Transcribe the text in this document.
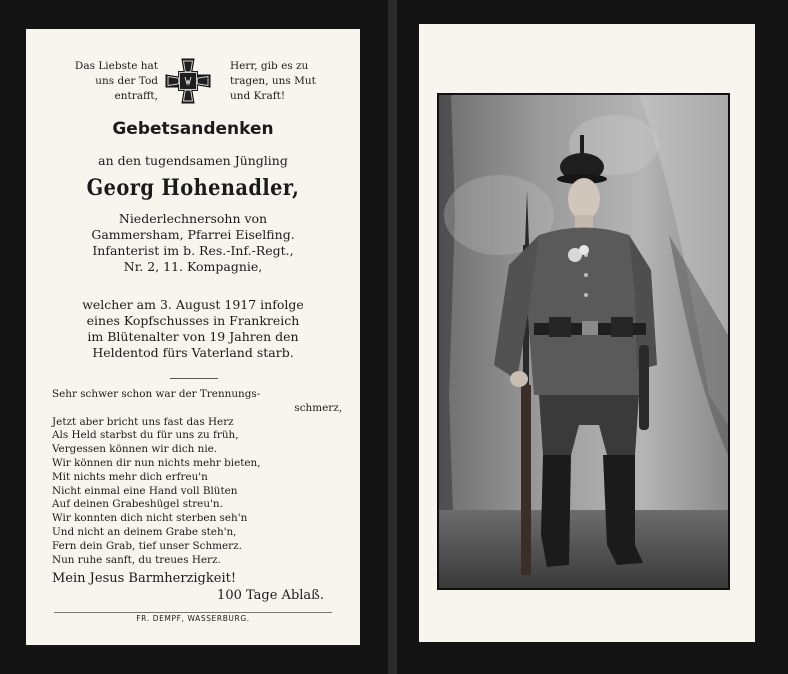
Das Liebste hat
uns der Tod
entrafft,
Herr, gib es zu
tragen, uns Mut
und Kraft!
Gebetsandenken
an den tugendsamen Jüngling
Georg Hohenadler,
Niederlechnersohn von
Gammersham, Pfarrei Eiselfing.
Infanterist im b. Res.-Inf.-Regt.,
Nr. 2, 11. Kompagnie,
welcher am 3. August 1917 infolge
eines Kopfschusses in Frankreich
im Blütenalter von 19 Jahren den
Heldentod fürs Vaterland starb.
Sehr schwer schon war der Trennungs-
schmerz,
Jetzt aber bricht uns fast das Herz
Als Held starbst du für uns zu früh,
Vergessen können wir dich nie.
Wir können dir nun nichts mehr bieten,
Mit nichts mehr dich erfreu'n
Nicht einmal eine Hand voll Blüten
Auf deinen Grabeshügel streu'n.
Wir konnten dich nicht sterben seh'n
Und nicht an deinem Grabe steh'n,
Fern dein Grab, tief unser Schmerz.
Nun ruhe sanft, du treues Herz.
Mein Jesus Barmherzigkeit!
100 Tage Ablaß.
FR. DEMPF, WASSERBURG.
